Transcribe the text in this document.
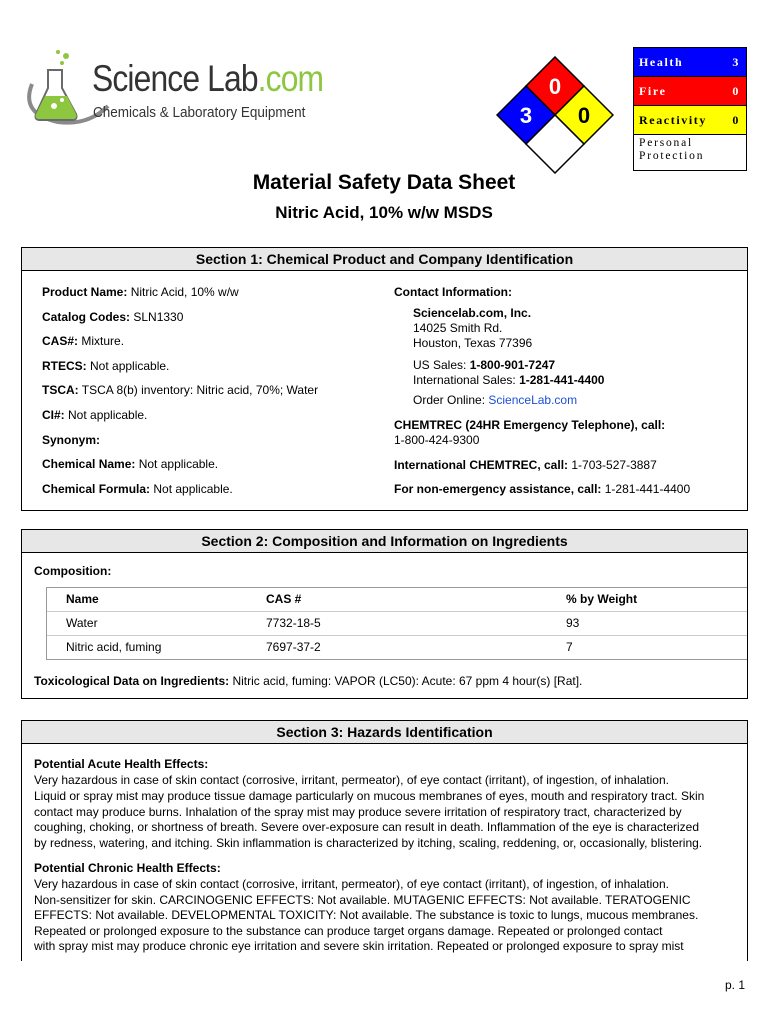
Science Lab.com
Chemicals & Laboratory Equipment
0
3 0
Health	3
Fire	0
Reactivity 0
Personal
Protection
Material Safety Data Sheet
Nitric Acid, 10% w/w MSDS
Section 1: Chemical Product and Company Identification
Product Name: Nitric Acid, 10% w/w
Catalog Codes: SLN1330
CAS#: Mixture.
RTECS: Not applicable.
TSCA: TSCA 8(b) inventory: Nitric acid, 70%; Water
CI#: Not applicable.
Synonym:
Chemical Name: Not applicable.
Chemical Formula: Not applicable.
Contact Information:
Sciencelab.com, Inc.
14025 Smith Rd.
Houston, Texas 77396
US Sales: 1-800-901-7247
International Sales: 1-281-441-4400
Order Online: ScienceLab.com
CHEMTREC (24HR Emergency Telephone), call:
1-800-424-9300
International CHEMTREC, call: 1-703-527-3887
For non-emergency assistance, call: 1-281-441-4400
Section 2: Composition and Information on Ingredients
Composition:
Name	CAS #	% by Weight
Water	7732-18-5	93
Nitric acid, fuming	7697-37-2	7
Toxicological Data on Ingredients: Nitric acid, fuming: VAPOR (LC50): Acute: 67 ppm 4 hour(s) [Rat].
Section 3: Hazards Identification
Potential Acute Health Effects:
Very hazardous in case of skin contact (corrosive, irritant, permeator), of eye contact (irritant), of ingestion, of inhalation.
Liquid or spray mist may produce tissue damage particularly on mucous membranes of eyes, mouth and respiratory tract. Skin
contact may produce burns. Inhalation of the spray mist may produce severe irritation of respiratory tract, characterized by
coughing, choking, or shortness of breath. Severe over-exposure can result in death. Inflammation of the eye is characterized
by redness, watering, and itching. Skin inflammation is characterized by itching, scaling, reddening, or, occasionally, blistering.
Potential Chronic Health Effects:
Very hazardous in case of skin contact (corrosive, irritant, permeator), of eye contact (irritant), of ingestion, of inhalation.
Non-sensitizer for skin. CARCINOGENIC EFFECTS: Not available. MUTAGENIC EFFECTS: Not available. TERATOGENIC
EFFECTS: Not available. DEVELOPMENTAL TOXICITY: Not available. The substance is toxic to lungs, mucous membranes.
Repeated or prolonged exposure to the substance can produce target organs damage. Repeated or prolonged contact
with spray mist may produce chronic eye irritation and severe skin irritation. Repeated or prolonged exposure to spray mist
p. 1
